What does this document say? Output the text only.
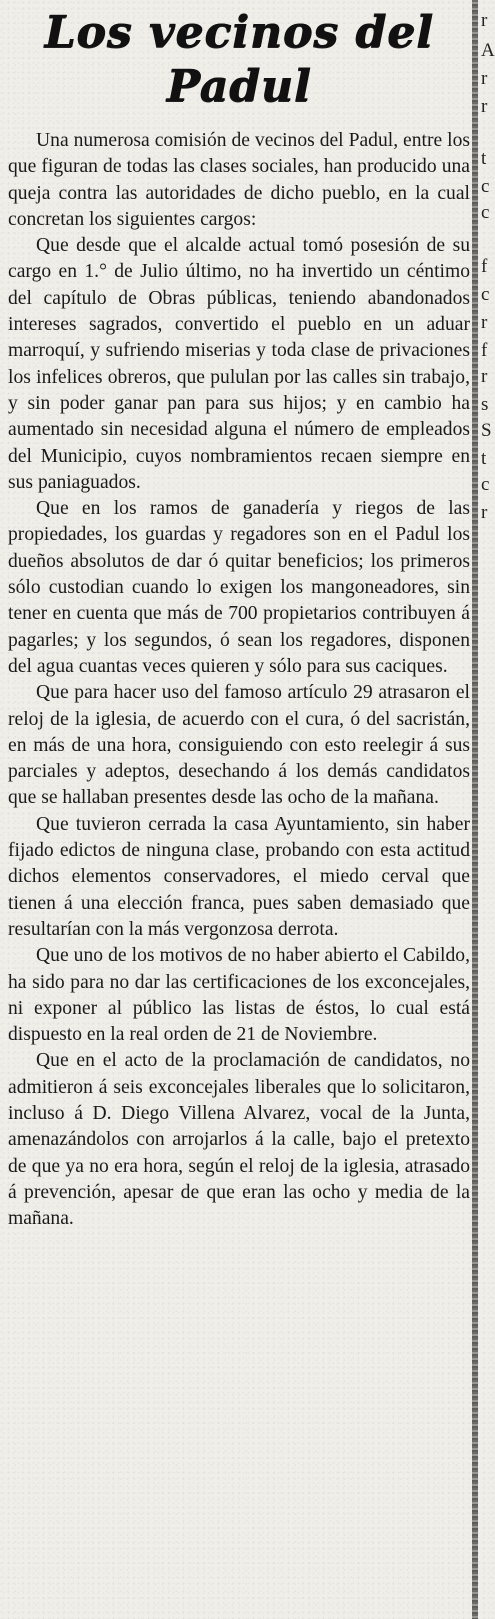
Los vecinos del Padul

Una numerosa comisión de vecinos del Padul, entre los que figuran de todas las clases sociales, han producido una queja contra las autoridades de dicho pueblo, en la cual concretan los siguientes cargos:

Que desde que el alcalde actual tomó posesión de su cargo en 1.° de Julio último, no ha invertido un céntimo del capítulo de Obras públicas, teniendo abandonados intereses sagrados, convertido el pueblo en un aduar marroquí, y sufriendo miserias y toda clase de privaciones los infelices obreros, que pululan por las calles sin trabajo, y sin poder ganar pan para sus hijos; y en cambio ha aumentado sin necesidad alguna el número de empleados del Municipio, cuyos nombramientos recaen siempre en sus paniaguados.

Que en los ramos de ganadería y riegos de las propiedades, los guardas y regadores son en el Padul los dueños absolutos de dar ó quitar beneficios; los primeros sólo custodian cuando lo exigen los mangoneadores, sin tener en cuenta que más de 700 propietarios contribuyen á pagarles; y los segundos, ó sean los regadores, disponen del agua cuantas veces quieren y sólo para sus caciques.

Que para hacer uso del famoso artículo 29 atrasaron el reloj de la iglesia, de acuerdo con el cura, ó del sacristán, en más de una hora, consiguiendo con esto reelegir á sus parciales y adeptos, desechando á los demás candidatos que se hallaban presentes desde las ocho de la mañana.

Que tuvieron cerrada la casa Ayuntamiento, sin haber fijado edictos de ninguna clase, probando con esta actitud dichos elementos conservadores, el miedo cerval que tienen á una elección franca, pues saben demasiado que resultarían con la más vergonzosa derrota.

Que uno de los motivos de no haber abierto el Cabildo, ha sido para no dar las certificaciones de los exconcejales, ni exponer al público las listas de éstos, lo cual está dispuesto en la real orden de 21 de Noviembre.

Que en el acto de la proclamación de candidatos, no admitieron á seis exconcejales liberales que lo solicitaron, incluso á D. Diego Villena Alvarez, vocal de la Junta, amenazándolos con arrojarlos á la calle, bajo el pretexto de que ya no era hora, según el reloj de la iglesia, atrasado á prevención, apesar de que eran las ocho y media de la mañana.

r
A
r
r
t
c
c
f
c
r
f
r
s
S
t
c
r
